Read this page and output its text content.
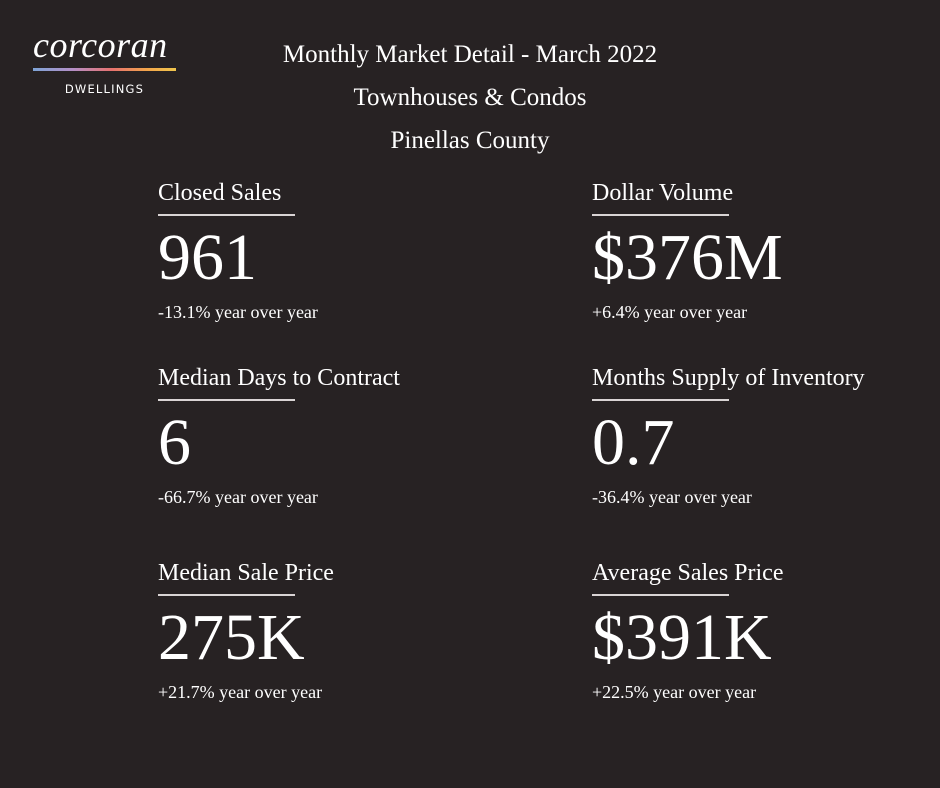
corcoran
DWELLINGS
Monthly Market Detail - March 2022
Townhouses & Condos
Pinellas County
Closed Sales
961
-13.1% year over year
Dollar Volume
$376M
+6.4% year over year
Median Days to Contract
6
-66.7% year over year
Months Supply of Inventory
0.7
-36.4% year over year
Median Sale Price
275K
+21.7% year over year
Average Sales Price
$391K
+22.5% year over year
